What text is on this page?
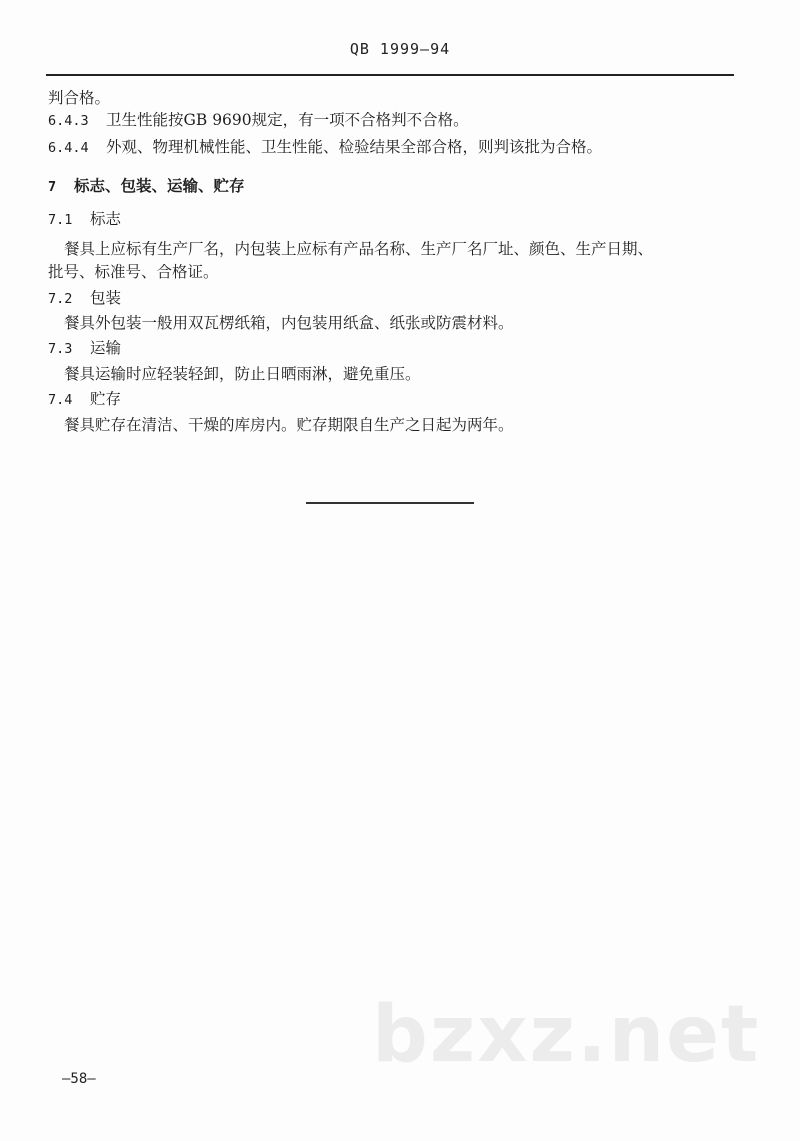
QB 1999—94
判合格。
6.4.3 卫生性能按GB 9690规定，有一项不合格判不合格。
6.4.4 外观、物理机械性能、卫生性能、检验结果全部合格，则判该批为合格。
7 标志、包装、运输、贮存
7.1 标志
餐具上应标有生产厂名，内包装上应标有产品名称、生产厂名厂址、颜色、生产日期、
批号、标准号、合格证。
7.2 包装
餐具外包装一般用双瓦楞纸箱，内包装用纸盒、纸张或防震材料。
7.3 运输
餐具运输时应轻装轻卸，防止日晒雨淋，避免重压。
7.4 贮存
餐具贮存在清洁、干燥的库房内。贮存期限自生产之日起为两年。
bzxz.net
—58—
